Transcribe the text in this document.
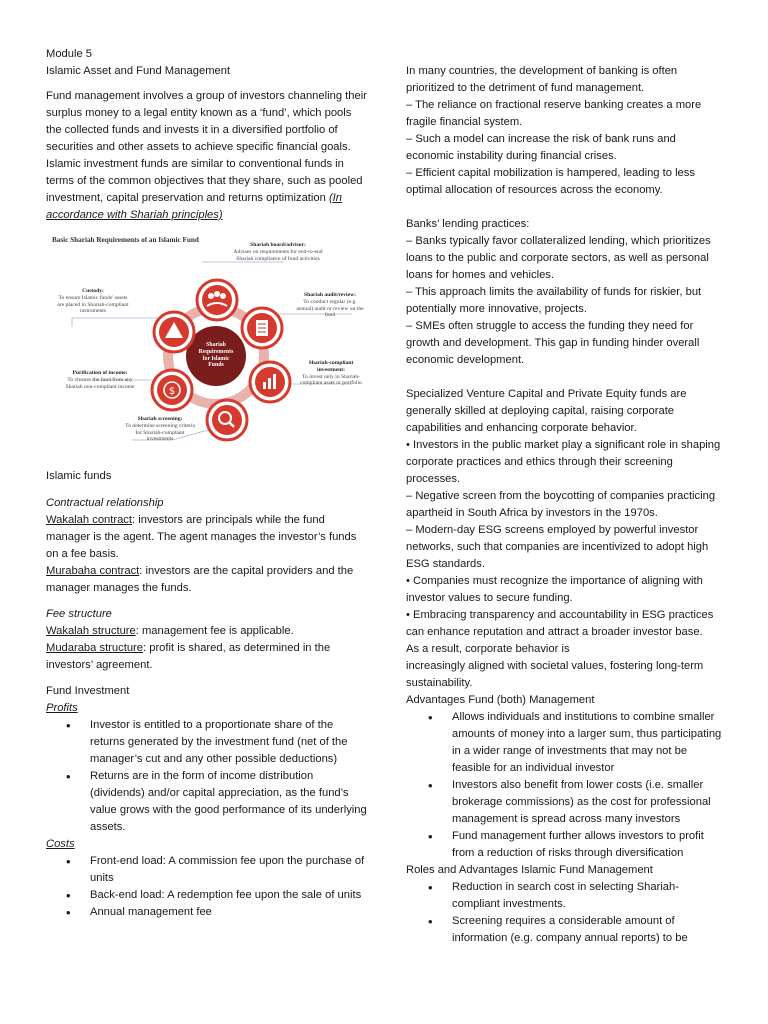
Module 5

Islamic Asset and Fund Management

Fund management involves a group of investors channeling their surplus money to a legal entity known as a ‘fund’, which pools the collected funds and invests it in a diversified portfolio of securities and other assets to achieve specific financial goals.

Islamic investment funds are similar to conventional funds in terms of the common objectives that they share, such as pooled investment, capital preservation and returns optimization (In accordance with Shariah principles)

Basic Shariah Requirements of an Islamic Fund
$
Shariah Requirements for Islamic Funds
Shariah board/advisor:
Advises on requirements for end-to-end Shariah compliance of fund activities
Shariah audit/review:
To conduct regular (e.g. annual) audit or review on the fund
Shariah-compliant investment:
To invest only in Shariah-compliant asset or portfolio
Shariah screening:
To determine screening criteria for Shariah-compliant investments
Purification of income:
To cleanse the fund from any Shariah non-compliant income
Custody:
To ensure Islamic funds' assets are placed in Shariah-compliant instruments

Islamic funds

Contractual relationship

Wakalah contract: investors are principals while the fund manager is the agent. The agent manages the investor’s funds on a fee basis.

Murabaha contract: investors are the capital providers and the manager manages the funds.

Fee structure

Wakalah structure: management fee is applicable.

Mudaraba structure: profit is shared, as determined in the investors’ agreement.

Fund Investment

Profits

• Investor is entitled to a proportionate share of the returns generated by the investment fund (net of the manager’s cut and any other possible deductions)
• Returns are in the form of income distribution (dividends) and/or capital appreciation, as the fund’s value grows with the good performance of its underlying assets.

Costs

• Front-end load: A commission fee upon the purchase of units
• Back-end load: A redemption fee upon the sale of units
• Annual management fee

In many countries, the development of banking is often prioritized to the detriment of fund management.

– The reliance on fractional reserve banking creates a more fragile financial system.

– Such a model can increase the risk of bank runs and economic instability during financial crises.

– Efficient capital mobilization is hampered, leading to less optimal allocation of resources across the economy.

Banks’ lending practices:

– Banks typically favor collateralized lending, which prioritizes loans to the public and corporate sectors, as well as personal loans for homes and vehicles.

– This approach limits the availability of funds for riskier, but potentially more innovative, projects.

– SMEs often struggle to access the funding they need for growth and development. This gap in funding hinder overall economic development.

Specialized Venture Capital and Private Equity funds are generally skilled at deploying capital, raising corporate capabilities and enhancing corporate behavior.

• Investors in the public market play a significant role in shaping corporate practices and ethics through their screening processes.

– Negative screen from the boycotting of companies practicing apartheid in South Africa by investors in the 1970s.

– Modern-day ESG screens employed by powerful investor networks, such that companies are incentivized to adopt high ESG standards.

• Companies must recognize the importance of aligning with investor values to secure funding.

• Embracing transparency and accountability in ESG practices can enhance reputation and attract a broader investor base.

As a result, corporate behavior is

increasingly aligned with societal values, fostering long-term sustainability.

Advantages Fund (both) Management

• Allows individuals and institutions to combine smaller amounts of money into a larger sum, thus participating in a wider range of investments that may not be feasible for an individual investor
• Investors also benefit from lower costs (i.e. smaller brokerage commissions) as the cost for professional management is spread across many investors
• Fund management further allows investors to profit from a reduction of risks through diversification

Roles and Advantages Islamic Fund Management

• Reduction in search cost in selecting Shariah-compliant investments.
• Screening requires a considerable amount of information (e.g. company annual reports) to be
